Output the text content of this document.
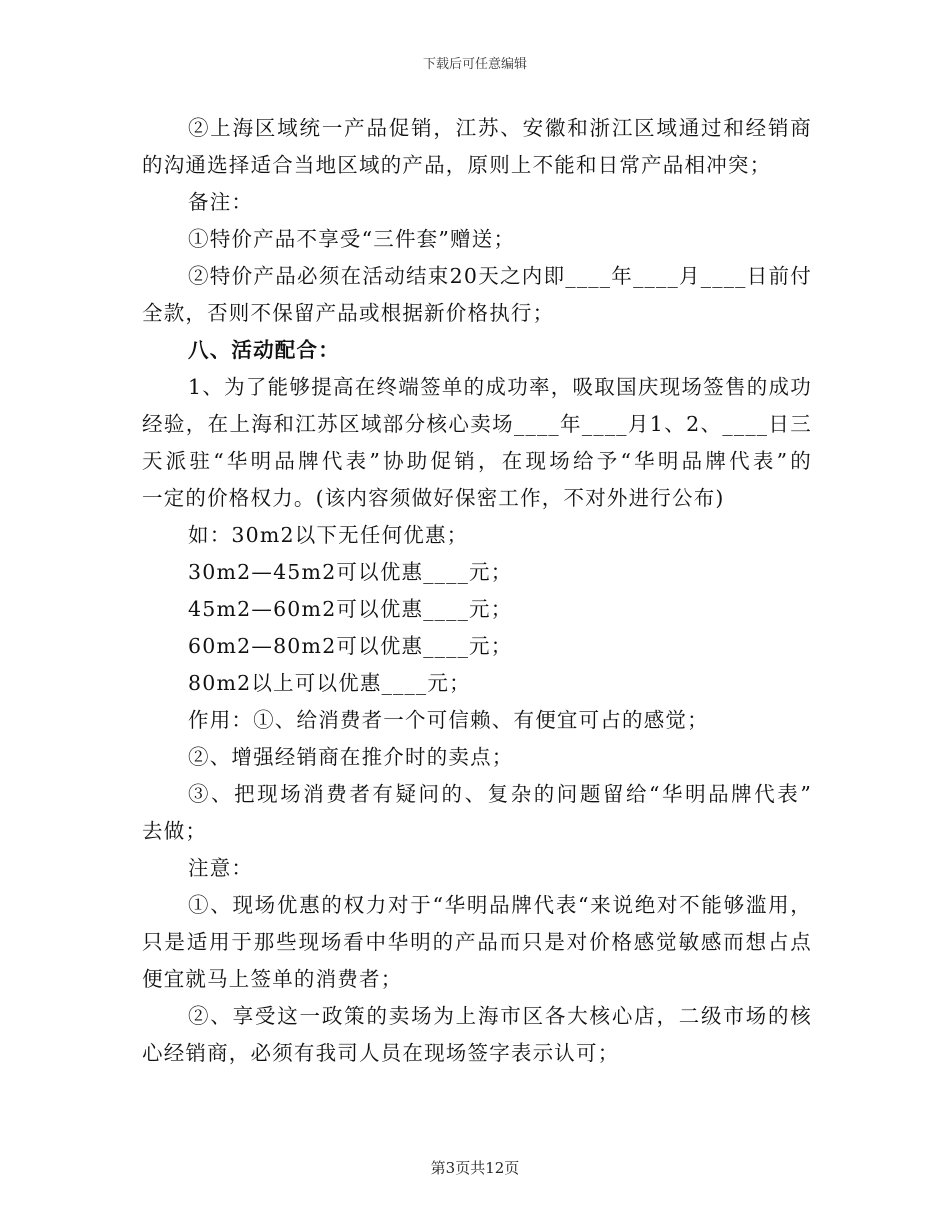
下载后可任意编辑
②上海区域统一产品促销，江苏、安徽和浙江区域通过和经销商
的沟通选择适合当地区域的产品，原则上不能和日常产品相冲突；
备注：
①特价产品不享受“三件套”赠送；
②特价产品必须在活动结束20天之内即____年____月____日前付
全款，否则不保留产品或根据新价格执行；
八、活动配合：
1、为了能够提高在终端签单的成功率，吸取国庆现场签售的成功
经验，在上海和江苏区域部分核心卖场____年____月1、2、____日三
天派驻“华明品牌代表”协助促销，在现场给予“华明品牌代表”的
一定的价格权力。(该内容须做好保密工作，不对外进行公布)
如：30m2以下无任何优惠；
30m2—45m2可以优惠____元；
45m2—60m2可以优惠____元；
60m2—80m2可以优惠____元；
80m2以上可以优惠____元；
作用：①、给消费者一个可信赖、有便宜可占的感觉；
②、增强经销商在推介时的卖点；
③、把现场消费者有疑问的、复杂的问题留给“华明品牌代表”
去做；
注意：
①、现场优惠的权力对于“华明品牌代表“来说绝对不能够滥用，
只是适用于那些现场看中华明的产品而只是对价格感觉敏感而想占点
便宜就马上签单的消费者；
②、享受这一政策的卖场为上海市区各大核心店，二级市场的核
心经销商，必须有我司人员在现场签字表示认可；
第3页共12页
